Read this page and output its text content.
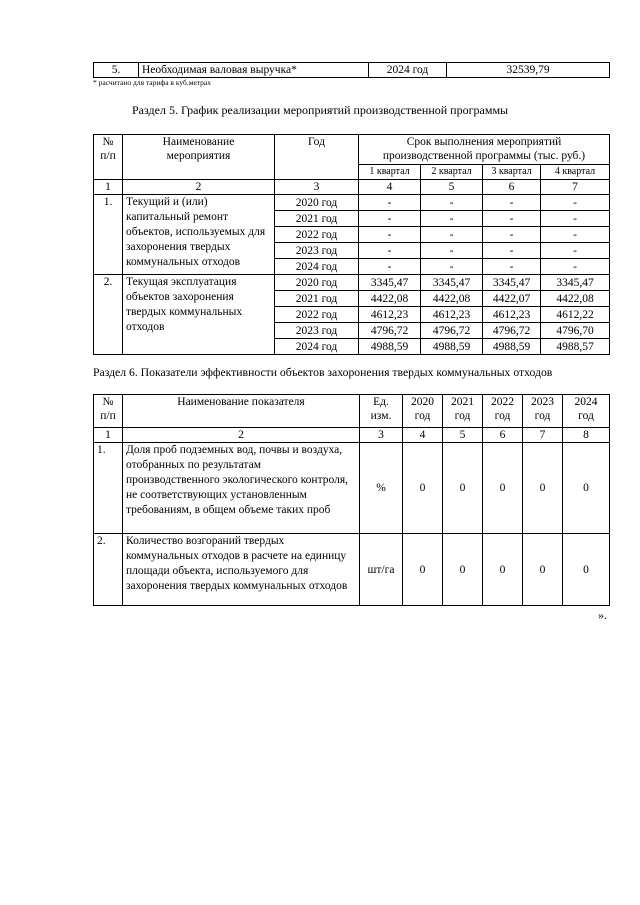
5.	Необходимая валовая выручка*	2024 год	32539,79
* расчитано для тарифа в куб.метрах
Раздел 5. График реализации мероприятий производственной программы
№ п/п	Наименование мероприятия	Год	Срок выполнения мероприятий производственной программы (тыс. руб.)			
			1 квартал	2 квартал	3 квартал	4 квартал
1	2	3	4	5	6	7
1.	Текущий и (или) капитальный ремонт объектов, используемых для захоронения твердых коммунальных отходов	2020 год	-	-	-	-
		2021 год	-	-	-	-
		2022 год	-	-	-	-
		2023 год	-	-	-	-
		2024 год	-	-	-	-
2.	Текущая эксплуатация объектов захоронения твердых коммунальных отходов	2020 год	3345,47	3345,47	3345,47	3345,47
		2021 год	4422,08	4422,08	4422,07	4422,08
		2022 год	4612,23	4612,23	4612,23	4612,22
		2023 год	4796,72	4796,72	4796,72	4796,70
		2024 год	4988,59	4988,59	4988,59	4988,57
Раздел 6. Показатели эффективности объектов захоронения твердых коммунальных отходов
№ п/п	Наименование показателя	Ед. изм.	2020 год	2021 год	2022 год	2023 год	2024 год
1	2	3	4	5	6	7	8
1.	Доля проб подземных вод, почвы и воздуха, отобранных по результатам производственного экологического контроля, не соответствующих установленным требованиям, в общем объеме таких проб	%	0	0	0	0	0
2.	Количество возгораний твердых коммунальных отходов в расчете на единицу площади объекта, используемого для захоронения твердых коммунальных отходов	шт/га	0	0	0	0	0
».
